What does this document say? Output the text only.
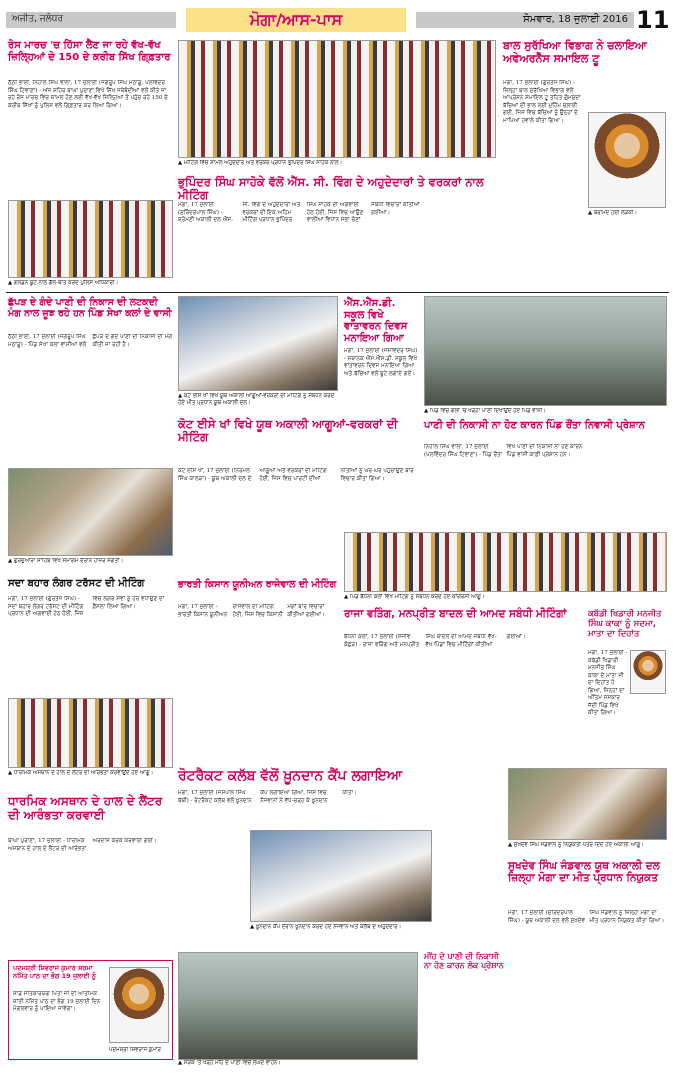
ਅਜੀਤ, ਜਲੰਧਰ	ਮੋਗਾ/ਆਸ-ਪਾਸ	ਸੋਮਵਾਰ, 18 ਜੁਲਾਈ 2016 11
ਰੋਸ ਮਾਰਚ 'ਚ ਹਿੱਸਾ ਲੈਣ ਜਾ ਰਹੇ ਵੱਖ-ਵੱਖ ਜ਼ਿਲ੍ਹਿਆਂ ਦੇ 150 ਦੇ ਕਰੀਬ ਸਿੱਖ ਗਿ੍ਫ਼ਤਾਰ
ਠੱਠੀ ਭਾਈ, ਨਿਹਾਲ ਸਿੰਘ ਵਾਲਾ, 17 ਜੁਲਾਈ (ਜਗਰੂਪ ਸਿੰਘ ਮਠਾੜੂ, ਪਲਵਿੰਦਰ ਸਿੰਘ ਟਿਵਾਣਾ) - ਅੱਜ ਸ਼ਹਿਰ ਬਾਘਾ ਪੁਰਾਣਾ ਵਿਖੇ ਸਿੱਖ ਜਥੇਬੰਦੀਆਂ ਵਲੋਂ ਕੀਤੇ ਜਾ ਰਹੇ ਰੋਸ ਮਾਰਚ ਵਿਚ ਸ਼ਾਮਲ ਹੋਣ ਲਈ ਵੱਖ-ਵੱਖ ਜ਼ਿਲ੍ਹਿਆਂ ਤੋਂ ਪਹੁੰਚ ਰਹੇ 150 ਦੇ ਕਰੀਬ ਸਿੱਖਾਂ ਨੂੰ ਪੁਲਿਸ ਵਲੋਂ ਗਿ੍ਫ਼ਤਾਰ ਕਰ ਲਿਆ ਗਿਆ।
▲ ਗੋਲਡਨ ਬੂਟੇ ਨਾਲ ਗੱਲ-ਬਾਤ ਕਰਦੇ ਪੁਲਿਸ ਅਧਿਕਾਰੀ।
▲ ਮੀਟਿੰਗ ਵਿਚ ਸ਼ਾਮਲ ਅਹੁਦੇਦਾਰ ਅਤੇ ਵਰਕਰ ਪ੍ਰਧਾਨ ਭੁਪਿੰਦਰ ਸਿੰਘ ਸਾਹੋਕੇ ਨਾਲ।
ਭੁਪਿੰਦਰ ਸਿੰਘ ਸਾਹੋਕੇ ਵੱਲੋਂ ਐੱਸ. ਸੀ. ਵਿੰਗ ਦੇ ਅਹੁਦੇਦਾਰਾਂ ਤੇ ਵਰਕਰਾਂ ਨਾਲ ਮੀਟਿੰਗ
ਮੋਗਾ, 17 ਜੁਲਾਈ (ਸੁਰਿੰਦਰਪਾਲ ਸਿੰਘ) - ਸ਼੍ਰੋਮਣੀ ਅਕਾਲੀ ਦਲ ਐੱਸ. ਸੀ. ਵਿੰਗ ਦੇ ਅਹੁਦੇਦਾਰਾਂ ਅਤੇ ਵਰਕਰਾਂ ਦੀ ਇਕ ਅਹਿਮ ਮੀਟਿੰਗ ਪ੍ਰਧਾਨ ਭੁਪਿੰਦਰ ਸਿੰਘ ਸਾਹੋਕੇ ਦੀ ਅਗਵਾਈ ਹੇਠ ਹੋਈ, ਜਿਸ ਵਿਚ ਆਉਣ ਵਾਲੀਆਂ ਵਿਧਾਨ ਸਭਾ ਚੋਣਾਂ ਸਬੰਧੀ ਵਿਚਾਰਾਂ ਕੀਤੀਆਂ ਗਈਆਂ।
ਬਾਲ ਸੁਰੱਖਿਆ ਵਿਭਾਗ ਨੇ ਚਲਾਇਆ ਅਵੇਅਰਨੈੱਸ ਸਮਾਇਲ ਟੂ
ਮੋਗਾ, 17 ਜੁਲਾਈ (ਗੁਰਤੇਜ ਸਿੰਘ) - ਜ਼ਿਲ੍ਹਾ ਬਾਲ ਸੁਰੱਖਿਆ ਵਿਭਾਗ ਵਲੋਂ ਆਪ੍ਰੇਸ਼ਨ ਸਮਾਇਲ ਟੂ ਤਹਿਤ ਗੁੰਮਸ਼ੁਦਾ ਬੱਚਿਆਂ ਦੀ ਭਾਲ ਲਈ ਮੁਹਿੰਮ ਚਲਾਈ ਗਈ, ਜਿਸ ਵਿਚ ਬੱਚਿਆਂ ਨੂੰ ਉਨ੍ਹਾਂ ਦੇ ਮਾਪਿਆਂ ਹਵਾਲੇ ਕੀਤਾ ਗਿਆ।
▲ ਬਰਾਮਦ ਹੋਈ ਲੜਕੀ।
ਛੱਪੜ ਦੇ ਗੰਦੇ ਪਾਣੀ ਦੀ ਨਿਕਾਸ ਦੀ ਲਟਕਦੀ ਮੰਗ ਨਾਲ ਜੂਝ ਰਹੇ ਹਨ ਪਿੰਡ ਸੇਖਾ ਕਲਾਂ ਦੇ ਵਾਸੀ
ਠੱਠੀ ਭਾਈ, 17 ਜੁਲਾਈ (ਜਗਰੂਪ ਸਿੰਘ ਮਠਾੜੂ) - ਪਿੰਡ ਸੇਖਾ ਕਲਾਂ ਵਾਸੀਆਂ ਵਲੋਂ ਛੱਪੜ ਦੇ ਗੰਦੇ ਪਾਣੀ ਦੀ ਨਿਕਾਸੀ ਦੀ ਮੰਗ ਕੀਤੀ ਜਾ ਰਹੀ ਹੈ।
▲ ਕੋਟ ਈਸੇ ਖਾਂ ਵਿਖੇ ਯੂਥ ਅਕਾਲੀ ਆਗੂਆਂ-ਵਰਕਰਾਂ ਦੀ ਮੀਟਿੰਗ ਨੂੰ ਸੰਬੋਧਨ ਕਰਦੇ ਹੋਏ ਮੀਤ ਪ੍ਰਧਾਨ ਯੂਥ ਅਕਾਲੀ ਦਲ।
ਐੱਸ.ਐੱਸ.ਡੀ. ਸਕੂਲ ਵਿਖੇ ਵਾਤਾਵਰਨ ਦਿਵਸ ਮਨਾਇਆ ਗਿਆ
ਮੋਗਾ, 17 ਜੁਲਾਈ (ਜਸਵਿੰਦਰ ਸਿੰਘ) - ਸਥਾਨਕ ਐੱਸ.ਐੱਸ.ਡੀ. ਸਕੂਲ ਵਿਖੇ ਵਾਤਾਵਰਨ ਦਿਵਸ ਮਨਾਇਆ ਗਿਆ ਅਤੇ ਬੱਚਿਆਂ ਵਲੋਂ ਬੂਟੇ ਲਗਾਏ ਗਏ।
▲ ਪਿੰਡ ਵਿਚ ਗਲੀ 'ਚ ਖੜ੍ਹਾ ਪਾਣੀ ਦਿਖਾਉਂਦੇ ਹੋਏ ਪਿੰਡ ਵਾਸੀ।
ਪਾਣੀ ਦੀ ਨਿਕਾਸੀ ਨਾ ਹੋਣ ਕਾਰਨ ਪਿੰਡ ਰੌਂਤਾ ਨਿਵਾਸੀ ਪ੍ਰੇਸ਼ਾਨ
ਨਿਹਾਲ ਸਿੰਘ ਵਾਲਾ, 17 ਜੁਲਾਈ (ਪਲਵਿੰਦਰ ਸਿੰਘ ਟਿਵਾਣਾ) - ਪਿੰਡ ਰੌਂਤਾ ਵਿਖੇ ਪਾਣੀ ਦੀ ਨਿਕਾਸੀ ਨਾ ਹੋਣ ਕਾਰਨ ਪਿੰਡ ਵਾਸੀ ਕਾਫ਼ੀ ਪ੍ਰੇਸ਼ਾਨ ਹਨ।
ਕੋਟ ਈਸੇ ਖਾਂ ਵਿਖੇ ਯੂਥ ਅਕਾਲੀ ਆਗੂਆਂ-ਵਰਕਰਾਂ ਦੀ ਮੀਟਿੰਗ
ਕੋਟ ਈਸੇ ਖਾਂ, 17 ਜੁਲਾਈ (ਨਿਰਮਲ ਸਿੰਘ ਕਾਲੜਾ) - ਯੂਥ ਅਕਾਲੀ ਦਲ ਦੇ ਆਗੂਆਂ ਅਤੇ ਵਰਕਰਾਂ ਦੀ ਮੀਟਿੰਗ ਹੋਈ, ਜਿਸ ਵਿਚ ਪਾਰਟੀ ਦੀਆਂ ਨੀਤੀਆਂ ਨੂੰ ਘਰ-ਘਰ ਪਹੁੰਚਾਉਣ ਬਾਰੇ ਵਿਚਾਰ ਕੀਤਾ ਗਿਆ।
▲ ਗੁਰਦੁਆਰਾ ਸਾਹਿਬ ਵਿਖੇ ਸਮਾਗਮ ਦੌਰਾਨ ਹਾਜ਼ਰ ਸੰਗਤਾਂ।
▲ ਪਿੰਡ ਬੱਧਨੀ ਕਲਾਂ ਵਿਖੇ ਮੀਟਿੰਗ ਨੂੰ ਸੰਬੋਧਨ ਕਰਦੇ ਹੋਏ ਕਾਂਗਰਸੀ ਆਗੂ।
ਰਾਜਾ ਵੜਿੰਗ, ਮਨਪ੍ਰੀਤ ਬਾਦਲ ਦੀ ਆਮਦ ਸਬੰਧੀ ਮੀਟਿੰਗਾਂ
ਬੱਧਨੀ ਕਲਾਂ, 17 ਜੁਲਾਈ (ਸੰਜੀਵ ਕੋਛੜ) - ਰਾਜਾ ਵੜਿੰਗ ਅਤੇ ਮਨਪ੍ਰੀਤ ਸਿੰਘ ਬਾਦਲ ਦੀ ਆਮਦ ਸਬੰਧੀ ਵੱਖ-ਵੱਖ ਪਿੰਡਾਂ ਵਿਚ ਮੀਟਿੰਗਾਂ ਕੀਤੀਆਂ ਗਈਆਂ।
ਕਬੱਡੀ ਖਿਡਾਰੀ ਮਨਜੀਤ ਸਿੰਘ ਕਾਕਾ ਨੂੰ ਸਦਮਾ, ਮਾਤਾ ਦਾ ਦਿਹਾਂਤ
ਮੋਗਾ, 17 ਜੁਲਾਈ - ਕਬੱਡੀ ਖਿਡਾਰੀ ਮਨਜੀਤ ਸਿੰਘ ਕਾਕਾ ਦੇ ਮਾਤਾ ਜੀ ਦਾ ਦਿਹਾਂਤ ਹੋ ਗਿਆ, ਜਿਨ੍ਹਾਂ ਦਾ ਅੰਤਿਮ ਸਸਕਾਰ ਜੱਦੀ ਪਿੰਡ ਵਿਖੇ ਕੀਤਾ ਗਿਆ।
ਸਦਾ ਬਹਾਰ ਲੰਗਰ ਟਰੱਸਟ ਦੀ ਮੀਟਿੰਗ
ਮੋਗਾ, 17 ਜੁਲਾਈ (ਗੁਰਤੇਜ ਸਿੰਘ) - ਸਦਾ ਬਹਾਰ ਲੰਗਰ ਟਰੱਸਟ ਦੀ ਮੀਟਿੰਗ ਪ੍ਰਧਾਨ ਦੀ ਅਗਵਾਈ ਹੇਠ ਹੋਈ, ਜਿਸ ਵਿਚ ਲੰਗਰ ਸੇਵਾ ਨੂੰ ਹੋਰ ਵਧਾਉਣ ਦਾ ਫ਼ੈਸਲਾ ਲਿਆ ਗਿਆ।
▲ ਧਾਰਮਿਕ ਅਸਥਾਨ ਦੇ ਹਾਲ ਦੇ ਲੈਂਟਰ ਦੀ ਆਰੰਭਤਾ ਕਰਵਾਉਂਦੇ ਹੋਏ ਆਗੂ।
ਭਾਰਤੀ ਕਿਸਾਨ ਯੂਨੀਅਨ ਰਾਜੇਵਾਲ ਦੀ ਮੀਟਿੰਗ
ਮੋਗਾ, 17 ਜੁਲਾਈ - ਭਾਰਤੀ ਕਿਸਾਨ ਯੂਨੀਅਨ ਰਾਜੇਵਾਲ ਦੀ ਮੀਟਿੰਗ ਹੋਈ, ਜਿਸ ਵਿਚ ਕਿਸਾਨੀ ਮੰਗਾਂ ਬਾਰੇ ਵਿਚਾਰਾਂ ਕੀਤੀਆਂ ਗਈਆਂ।
ਰੋਟਰੈਕਟ ਕਲੱਬ ਵੱਲੋਂ ਖ਼ੂਨਦਾਨ ਕੈਂਪ ਲਗਾਇਆ
ਮੋਗਾ, 17 ਜੁਲਾਈ (ਜਸਪਾਲ ਸਿੰਘ ਬੱਬੀ) - ਰੋਟਰੈਕਟ ਕਲੱਬ ਵਲੋਂ ਖ਼ੂਨਦਾਨ ਕੈਂਪ ਲਗਾਇਆ ਗਿਆ, ਜਿਸ ਵਿਚ ਨੌਜਵਾਨਾਂ ਨੇ ਵੱਧ-ਚੜ੍ਹ ਕੇ ਖ਼ੂਨਦਾਨ ਕੀਤਾ।
▲ ਖ਼ੂਨਦਾਨ ਕੈਂਪ ਦੌਰਾਨ ਖ਼ੂਨਦਾਨ ਕਰਦੇ ਹੋਏ ਨੌਜਵਾਨ ਅਤੇ ਕਲੱਬ ਦੇ ਅਹੁਦੇਦਾਰ।
▲ ਸੁਖਦੇਵ ਸਿੰਘ ਜੰਡਵਾਲ ਨੂੰ ਨਿਯੁਕਤੀ ਪੱਤਰ ਦਿੰਦੇ ਹੋਏ ਅਕਾਲੀ ਆਗੂ।
ਸੁਖਦੇਵ ਸਿੰਘ ਜੰਡਵਾਲ ਯੂਥ ਅਕਾਲੀ ਦਲ ਜ਼ਿਲ੍ਹਾ ਮੋਗਾ ਦਾ ਮੀਤ ਪ੍ਰਧਾਨ ਨਿਯੁਕਤ
ਮੋਗਾ, 17 ਜੁਲਾਈ (ਸੁਰਿੰਦਰਪਾਲ ਸਿੰਘ) - ਯੂਥ ਅਕਾਲੀ ਦਲ ਵਲੋਂ ਸੁਖਦੇਵ ਸਿੰਘ ਜੰਡਵਾਲ ਨੂੰ ਜ਼ਿਲ੍ਹਾ ਮੋਗਾ ਦਾ ਮੀਤ ਪ੍ਰਧਾਨ ਨਿਯੁਕਤ ਕੀਤਾ ਗਿਆ।
ਧਾਰਮਿਕ ਅਸਥਾਨ ਦੇ ਹਾਲ ਦੇ ਲੈਂਟਰ ਦੀ ਆਰੰਭਤਾ ਕਰਵਾਈ
ਬਾਘਾ ਪੁਰਾਣਾ, 17 ਜੁਲਾਈ - ਧਾਰਮਿਕ ਅਸਥਾਨ ਦੇ ਹਾਲ ਦੇ ਲੈਂਟਰ ਦੀ ਆਰੰਭਤਾ ਅਰਦਾਸ ਕਰਕੇ ਕਰਵਾਈ ਗਈ।
ਪਦਮਸ਼੍ਰੀ ਸ਼ਿਵਰਾਜ ਕੁਮਾਰ ਸ਼ਰਮਾ ਨਮਿੱਤ ਪਾਠ ਦਾ ਭੋਗ 19 ਜੁਲਾਈ ਨੂੰ
ਸਾਡੇ ਸਤਿਕਾਰਯੋਗ ਪਿਤਾ ਜੀ ਦੀ ਆਤਮਿਕ ਸ਼ਾਂਤੀ ਨਮਿੱਤ ਪਾਠ ਦਾ ਭੋਗ 19 ਜੁਲਾਈ ਦਿਨ ਮੰਗਲਵਾਰ ਨੂੰ ਪਾਇਆ ਜਾਵੇਗਾ।
ਪਦਮਸ਼੍ਰੀ ਸ਼ਿਵਰਾਜ ਕੁਮਾਰ
▲ ਸੜਕ 'ਤੇ ਖੜ੍ਹੇ ਮੀਂਹ ਦੇ ਪਾਣੀ ਵਿਚੋਂ ਲੰਘਦੇ ਵਾਹਨ।
ਮੀਂਹ ਦੇ ਪਾਣੀ ਦੀ ਨਿਕਾਸੀ ਨਾ ਹੋਣ ਕਾਰਨ ਲੋਕ ਪ੍ਰੇਸ਼ਾਨ
